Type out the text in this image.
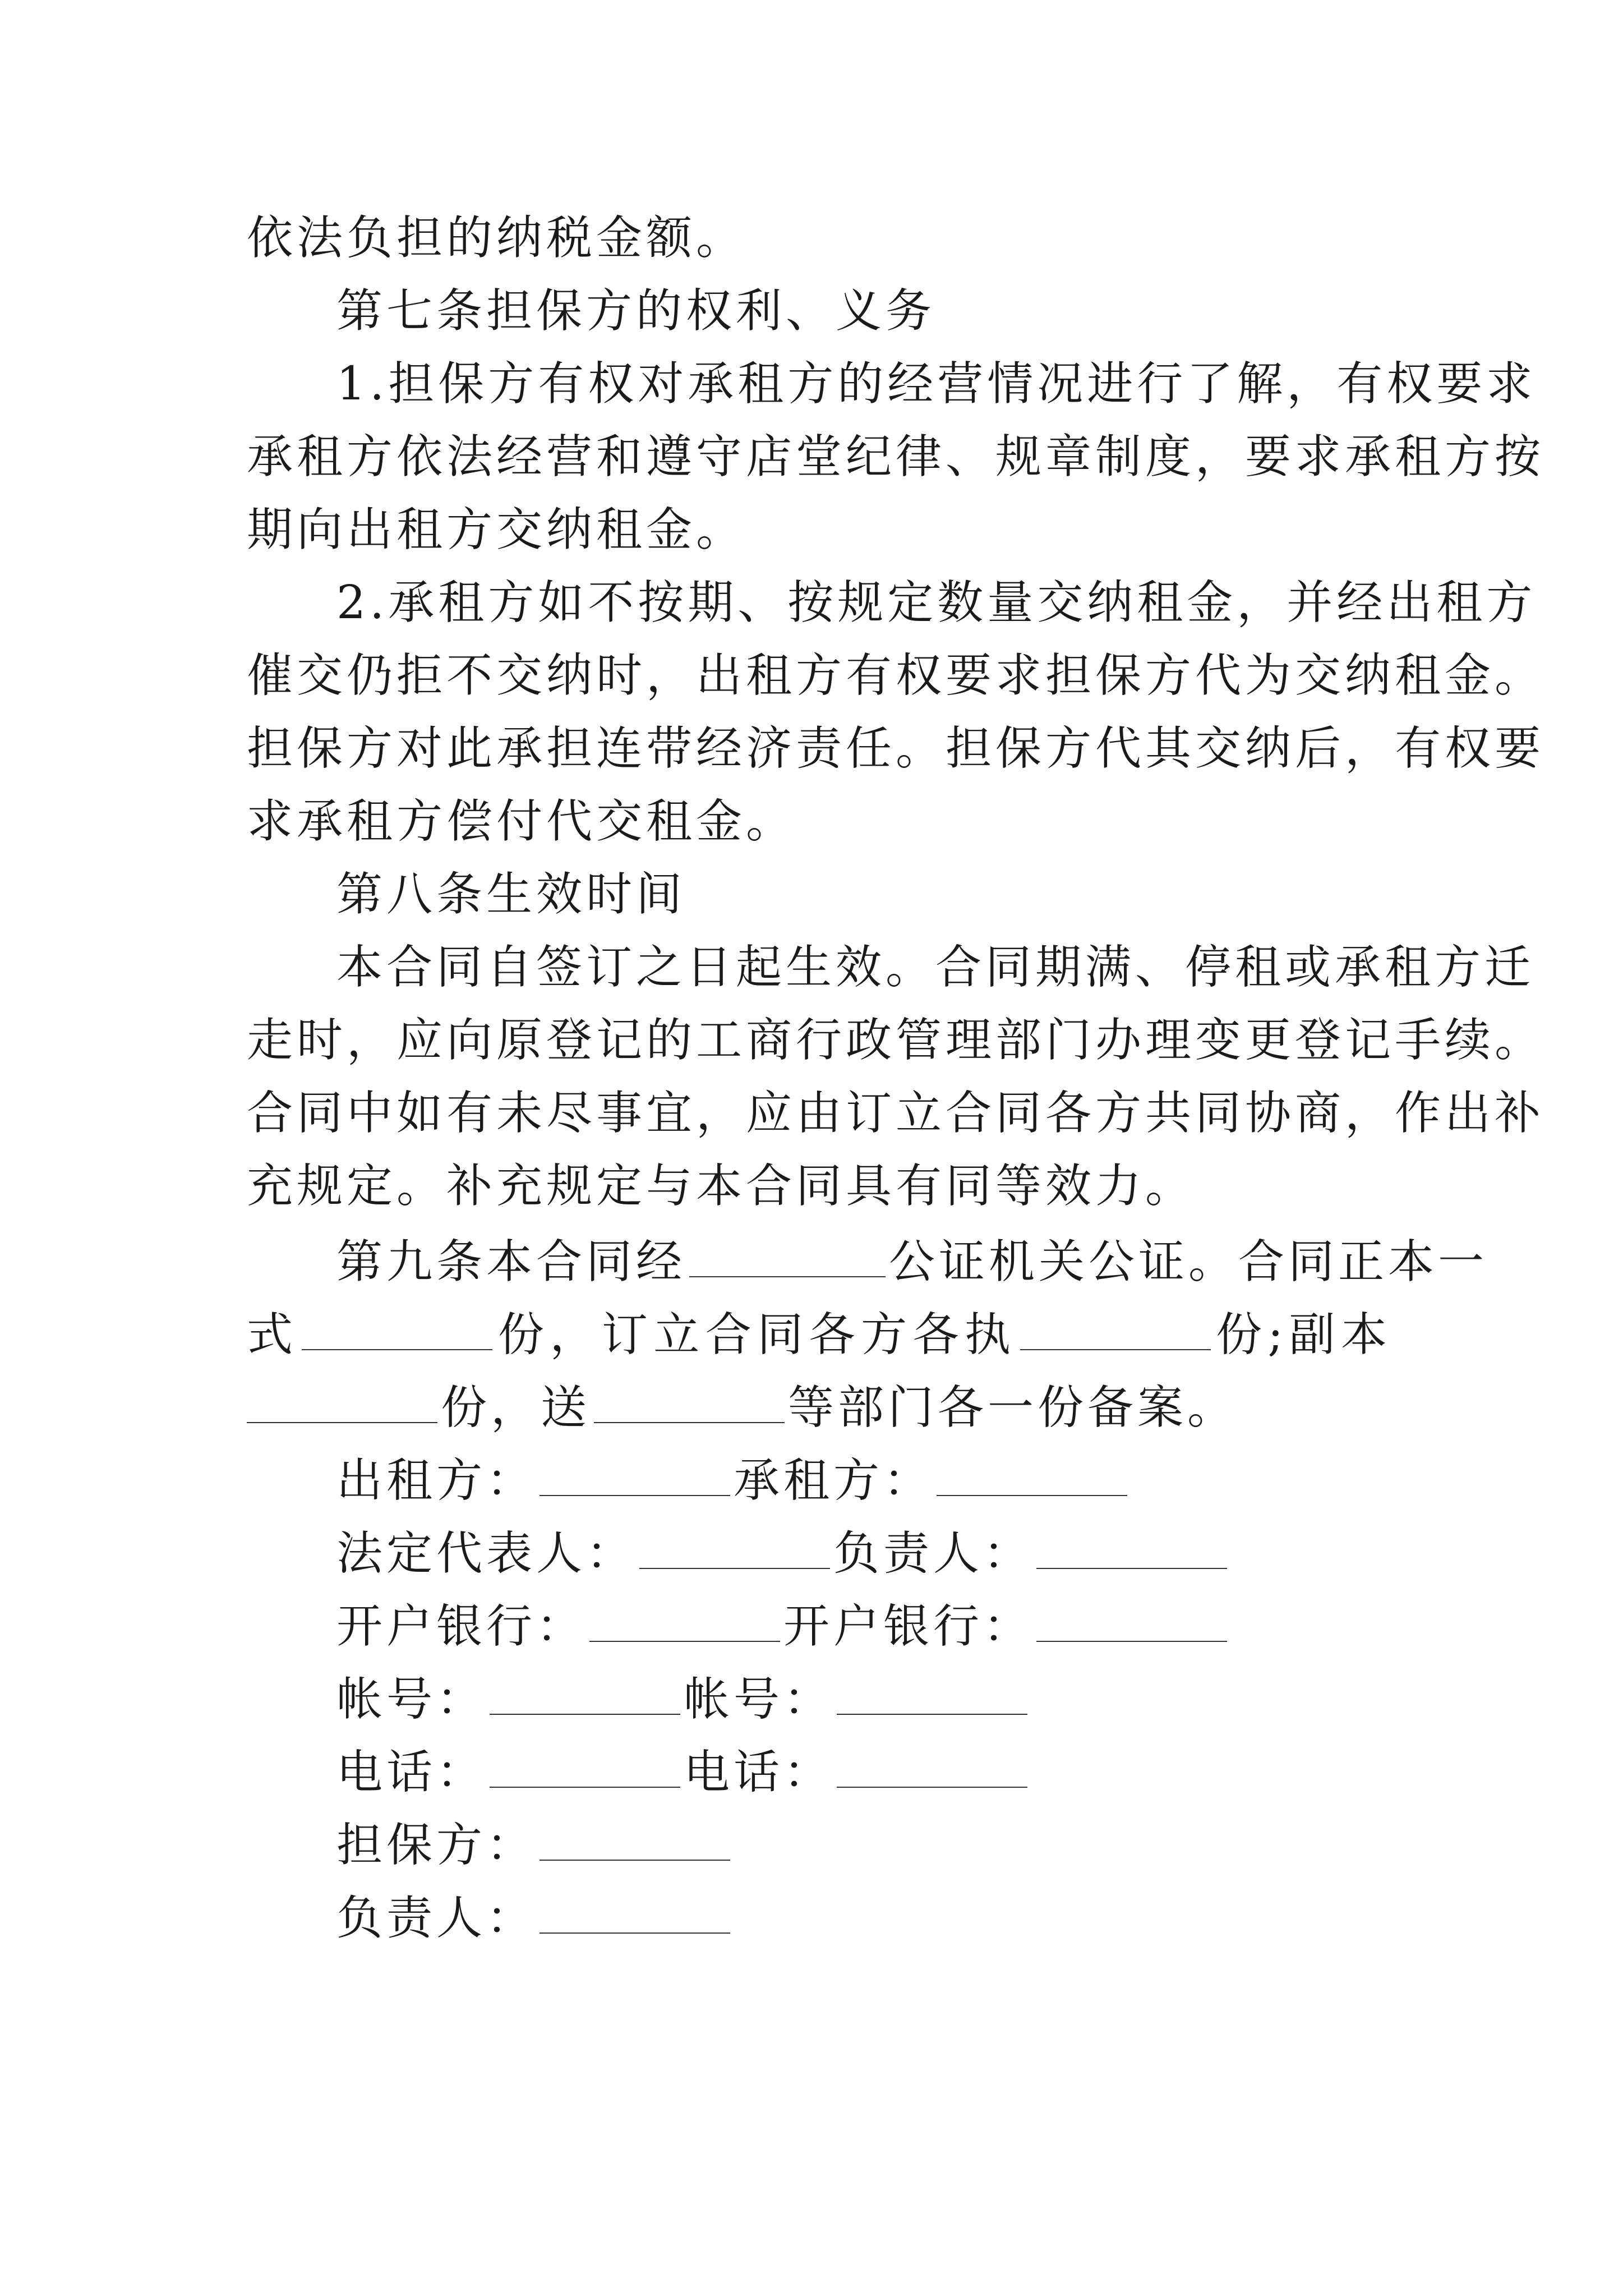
依法负担的纳税金额。
第七条担保方的权利、义务
1.担保方有权对承租方的经营情况进行了解，有权要求
承租方依法经营和遵守店堂纪律、规章制度，要求承租方按
期向出租方交纳租金。
2.承租方如不按期、按规定数量交纳租金，并经出租方
催交仍拒不交纳时，出租方有权要求担保方代为交纳租金。
担保方对此承担连带经济责任。担保方代其交纳后，有权要
求承租方偿付代交租金。
第八条生效时间
本合同自签订之日起生效。合同期满、停租或承租方迁
走时，应向原登记的工商行政管理部门办理变更登记手续。
合同中如有未尽事宜，应由订立合同各方共同协商，作出补
充规定。补充规定与本合同具有同等效力。
第九条本合同经	公证机关公证。合同正本一
式	份，订立合同各方各执	份;副本
份，送	等部门各一份备案。
出租方：	承租方：
法定代表人：	负责人：
开户银行：	开户银行：
帐号：	帐号：
电话：	电话：
担保方：
负责人：
